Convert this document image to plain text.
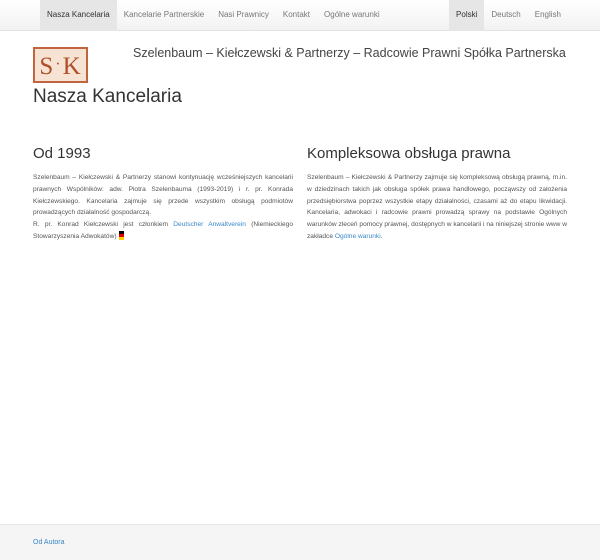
Nasza Kancelaria	Kancelarie Partnerskie	Nasi Prawnicy	Kontakt	Ogólne warunki	Polski	Deutsch	English
S·K	Szelenbaum – Kiełczewski & Partnerzy – Radcowie Prawni Spółka Partnerska
Nasza Kancelaria
Od 1993

Szelenbaum – Kiełczewski & Partnerzy stanowi kontynuację wcześniejszych kancelarii prawnych Wspólników: adw. Piotra Szelenbauma (1993-2019) i r. pr. Konrada Kiełczewskiego. Kancelaria zajmuje się przede wszystkim obsługą podmiotów prowadzących działalność gospodarczą.
R. pr. Konrad Kiełczewski jest członkiem Deutscher Anwaltverein (Niemieckiego Stowarzyszenia Adwokatów)

Kompleksowa obsługa prawna

Szelenbaum – Kiełczewski & Partnerzy zajmuje się kompleksową obsługą prawną, m.in. w dziedzinach takich jak obsługa spółek prawa handlowego, począwszy od założenia przedsiębiorstwa poprzez wszystkie etapy działalności, czasami aż do etapu likwidacji. Kancelaria, adwokaci i radcowie prawni prowadzą sprawy na podstawie Ogólnych warunków zleceń pomocy prawnej, dostępnych w kancelarii i na niniejszej stronie www w zakładce Ogólne warunki.

Od Autora
